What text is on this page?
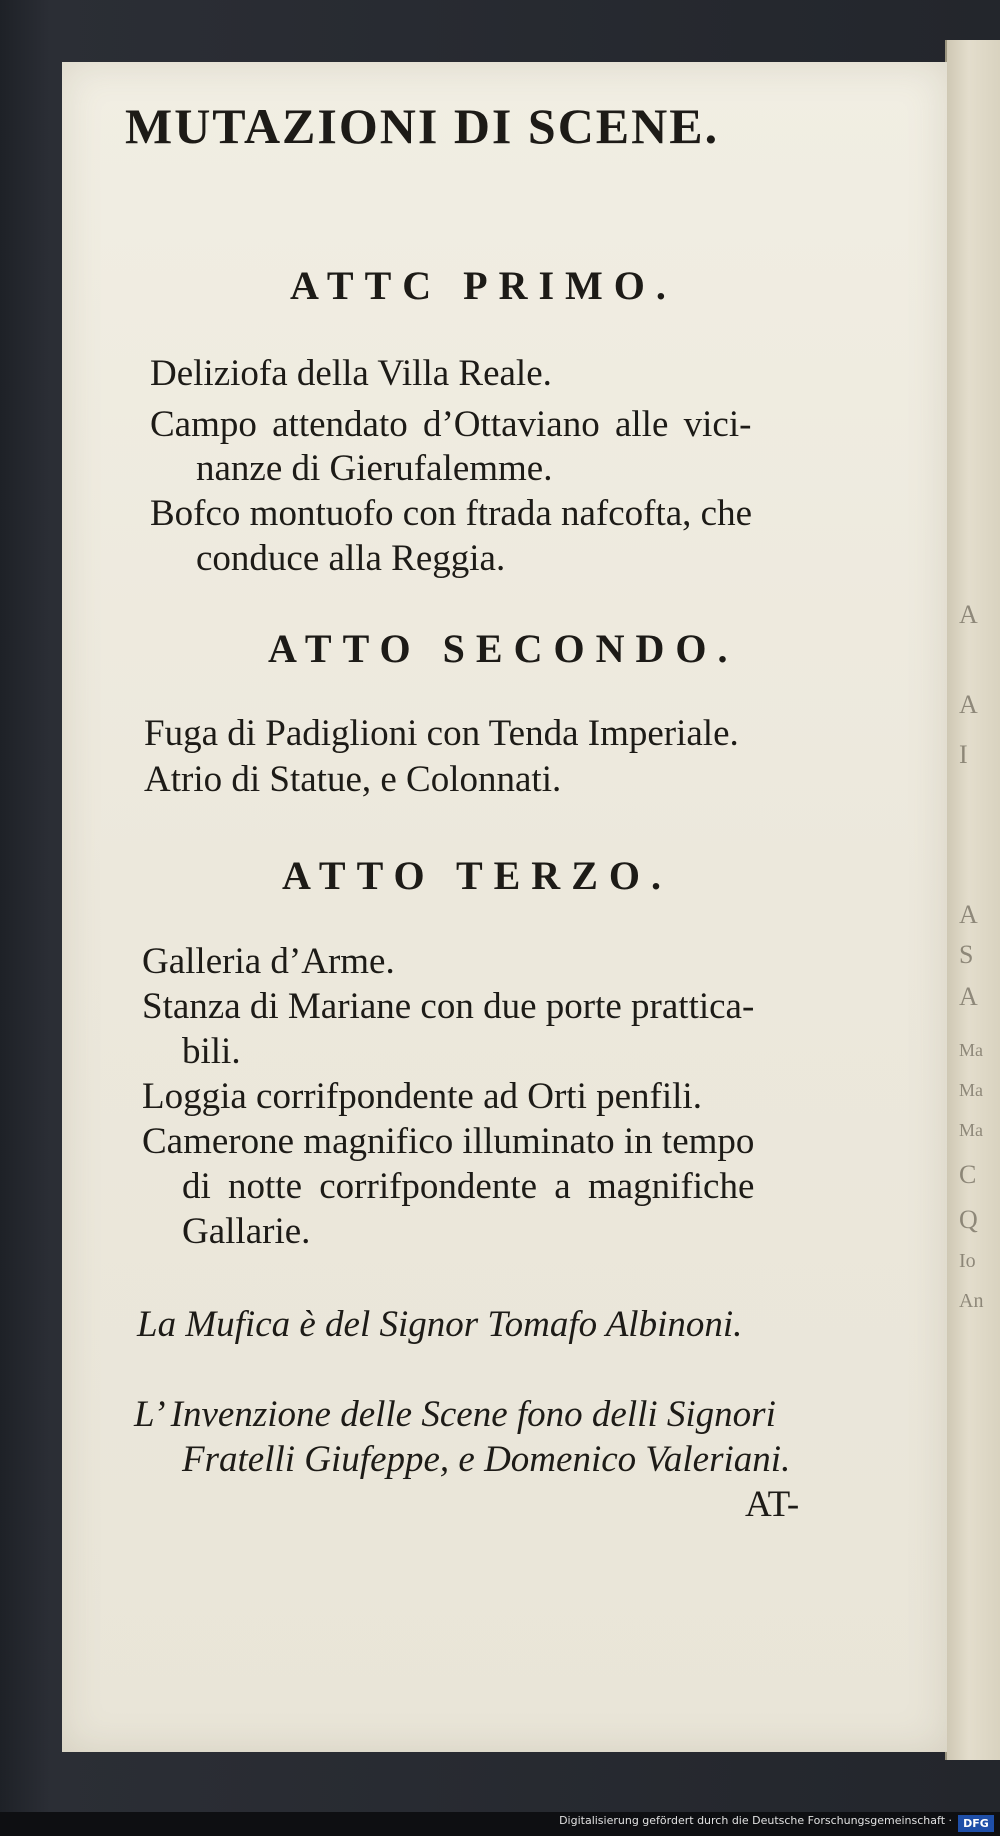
A
A
I
A
S
A
Ma
Ma
Ma
C
Q
Io
An
MUTAZIONI DI SCENE.
ATTC PRIMO.
Deliziofa della Villa Reale.
Campo attendato d’Ottaviano alle vici-
nanze di Gierufalemme.
Bofco montuofo con ftrada nafcofta, che
conduce alla Reggia.
ATTO SECONDO.
Fuga di Padiglioni con Tenda Imperiale.
Atrio di Statue, e Colonnati.
ATTO TERZO.
Galleria d’Arme.
Stanza di Mariane con due porte prattica-
bili.
Loggia corrifpondente ad Orti penfili.
Camerone magnifico illuminato in tempo
di notte corrifpondente a magnifiche
Gallarie.
La Mufica è del Signor Tomafo Albinoni.
L’ Invenzione delle Scene fono delli Signori
Fratelli Giufeppe, e Domenico Valeriani.
AT-
Digitalisierung gefördert durch die Deutsche Forschungsgemeinschaft ·	DFG
